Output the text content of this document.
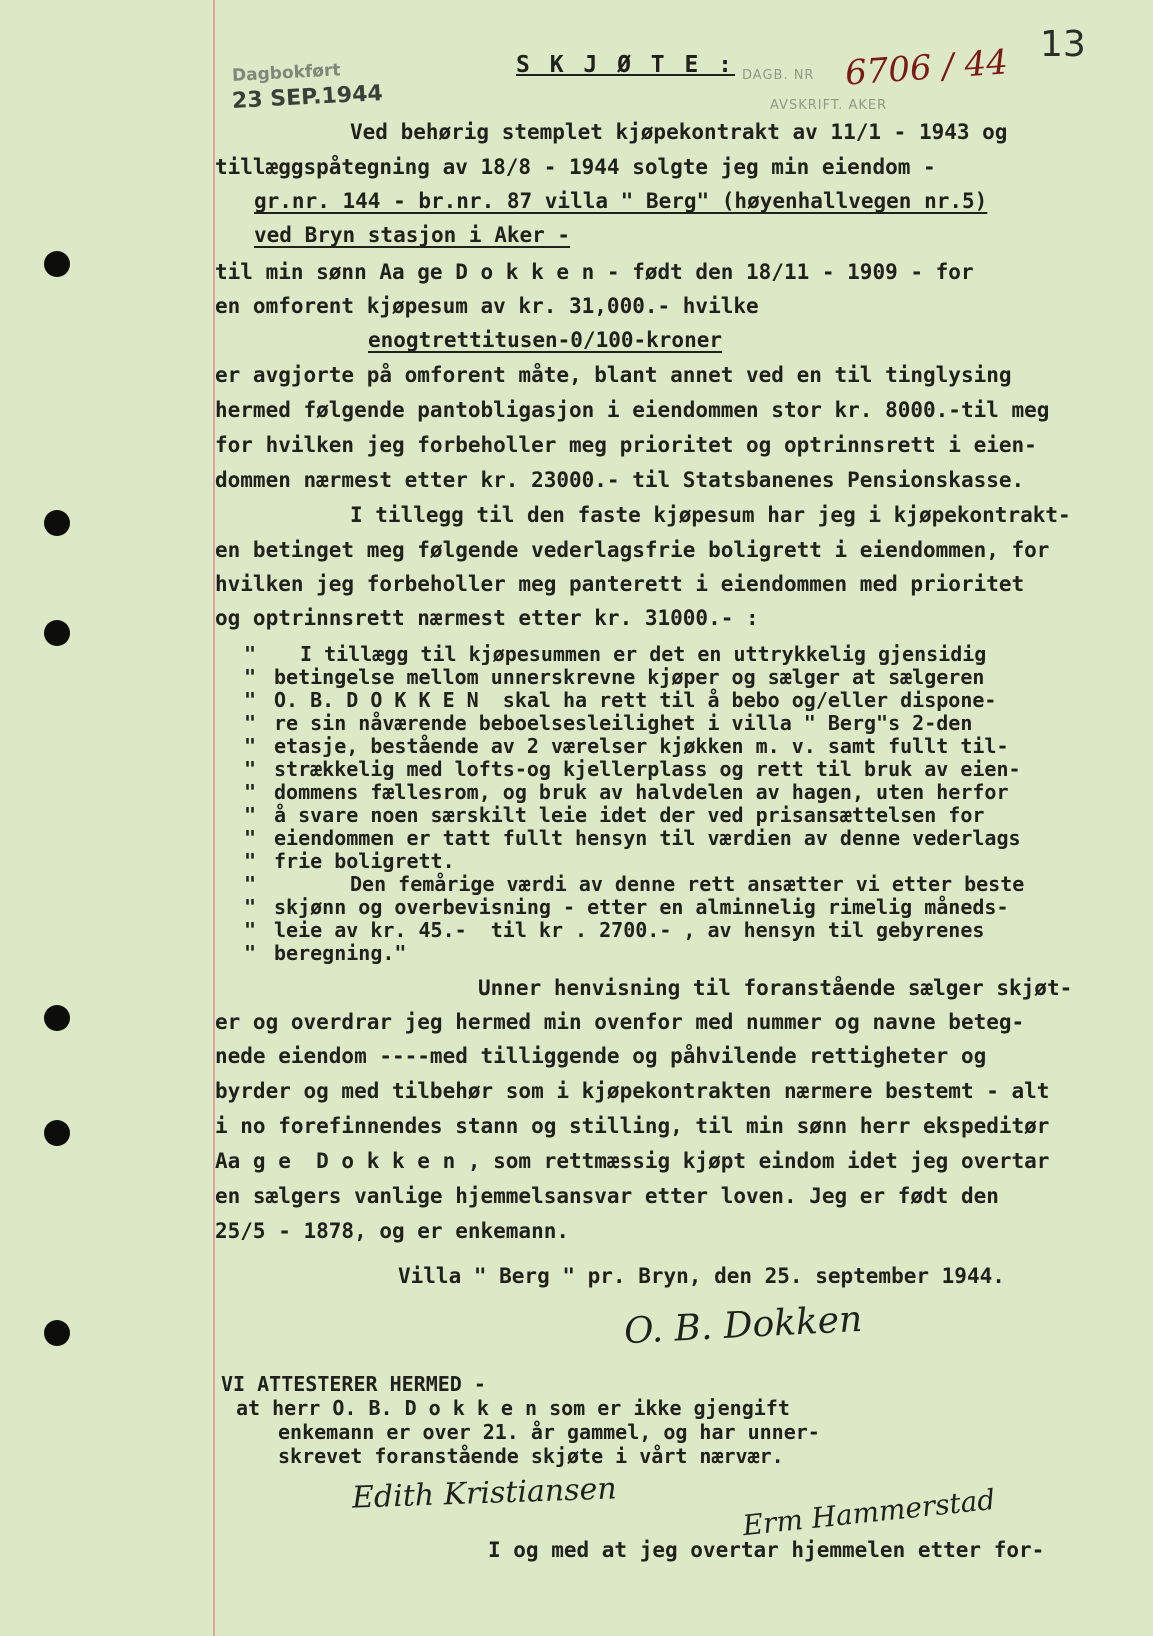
13
S K J Ø T E : DAGB. NR
AVSKRIFT. AKER
Dagbokført
23 SEP.1944
6706 / 44
Ved behørig stemplet kjøpekontrakt av 11/1 - 1943 og
tillæggspåtegning av 18/8 - 1944 solgte jeg min eiendom -
gr.nr. 144 - br.nr. 87 villa " Berg" (høyenhallvegen nr.5)
ved Bryn stasjon i Aker -
til min sønn Aa ge D o k k e n - født den 18/11 - 1909 - for
en omforent kjøpesum av kr. 31,000.- hvilke
enogtrettitusen-0/100-kroner
er avgjorte på omforent måte, blant annet ved en til tinglysing
hermed følgende pantobligasjon i eiendommen stor kr. 8000.-til meg
for hvilken jeg forbeholler meg prioritet og optrinnsrett i eien-
dommen nærmest etter kr. 23000.- til Statsbanenes Pensionskasse.
I tillegg til den faste kjøpesum har jeg i kjøpekontrakt-
en betinget meg følgende vederlagsfrie boligrett i eiendommen, for
hvilken jeg forbeholler meg panterett i eiendommen med prioritet
og optrinnsrett nærmest etter kr. 31000.- :
"
"
"
"
"
"
"
"
"
"
"
"
"
"
I tillægg til kjøpesummen er det en uttrykkelig gjensidig
betingelse mellom unnerskrevne kjøper og sælger at sælgeren
O. B. D O K K E N  skal ha rett til å bebo og/eller dispone-
re sin nåværende beboelsesleilighet i villa " Berg"s 2-den
etasje, bestående av 2 værelser kjøkken m. v. samt fullt til-
strækkelig med lofts-og kjellerplass og rett til bruk av eien-
dommens fællesrom, og bruk av halvdelen av hagen, uten herfor
å svare noen særskilt leie idet der ved prisansættelsen for
eiendommen er tatt fullt hensyn til værdien av denne vederlags
frie boligrett.
Den femårige værdi av denne rett ansætter vi etter beste
skjønn og overbevisning - etter en alminnelig rimelig måneds-
leie av kr. 45.-  til kr . 2700.- , av hensyn til gebyrenes
beregning."
Unner henvisning til foranstående sælger skjøt-
er og overdrar jeg hermed min ovenfor med nummer og navne beteg-
nede eiendom ----med tilliggende og påhvilende rettigheter og
byrder og med tilbehør som i kjøpekontrakten nærmere bestemt - alt
i no forefinnendes stann og stilling, til min sønn herr ekspeditør
Aa g e  D o k k e n , som rettmæssig kjøpt eindom idet jeg overtar
en sælgers vanlige hjemmelsansvar etter loven. Jeg er født den
25/5 - 1878, og er enkemann.
Villa " Berg " pr. Bryn, den 25. september 1944.
O. B. Dokken
VI ATTESTERER HERMED -
at herr O. B. D o k k e n som er ikke gjengift
enkemann er over 21. år gammel, og har unner-
skrevet foranstående skjøte i vårt nærvær.
Edith Kristiansen	Erm Hammerstad
I og med at jeg overtar hjemmelen etter for-
